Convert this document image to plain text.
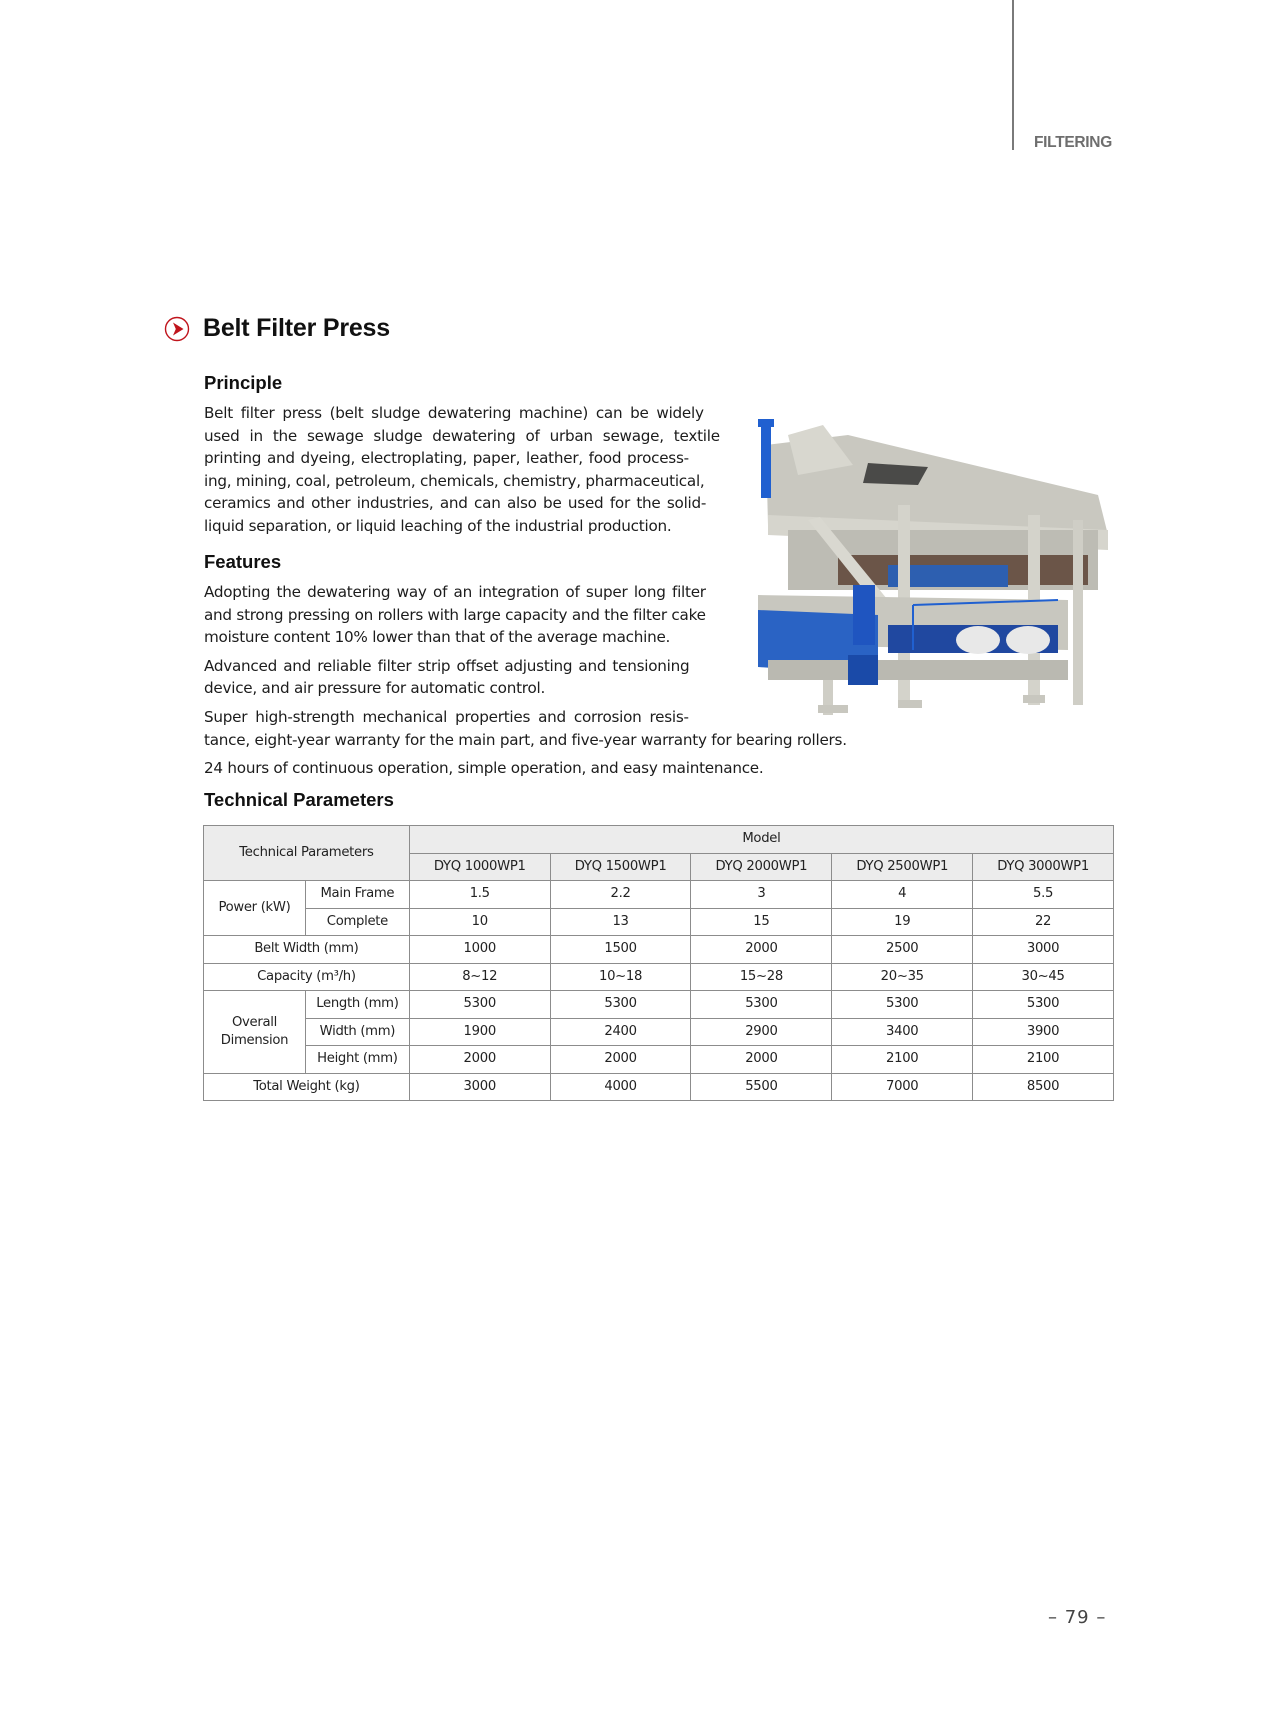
FILTERING
Belt Filter Press
Principle
Belt filter press (belt sludge dewatering machine) can be widely
used in the sewage sludge dewatering of urban sewage, textile
printing and dyeing, electroplating, paper, leather, food process-
ing, mining, coal, petroleum, chemicals, chemistry, pharmaceutical,
ceramics and other industries, and can also be used for the solid-
liquid separation, or liquid leaching of the industrial production.
Features
Adopting the dewatering way of an integration of super long filter
and strong pressing on rollers with large capacity and the filter cake
moisture content 10% lower than that of the average machine.
Advanced and reliable filter strip offset adjusting and tensioning
device, and air pressure for automatic control.
Super high-strength mechanical properties and corrosion resis-
tance, eight-year warranty for the main part, and five-year warranty for bearing rollers.
24 hours of continuous operation, simple operation, and easy maintenance.
Technical Parameters
Technical Parameters		Model				
		DYQ 1000WP1	DYQ 1500WP1	DYQ 2000WP1	DYQ 2500WP1	DYQ 3000WP1
Power (kW)	Main Frame	1.5	2.2	3	4	5.5
	Complete	10	13	15	19	22
Belt Width (mm)		1000	1500	2000	2500	3000
Capacity (m³/h)		8~12	10~18	15~28	20~35	30~45

Overall
Dimension	Length (mm)	5300	5300	5300	5300	5300
	Width (mm)	1900	2400	2900	3400	3900
	Height (mm)	2000	2000	2000	2100	2100
Total Weight (kg)		3000	4000	5500	7000	8500
– 79 –
